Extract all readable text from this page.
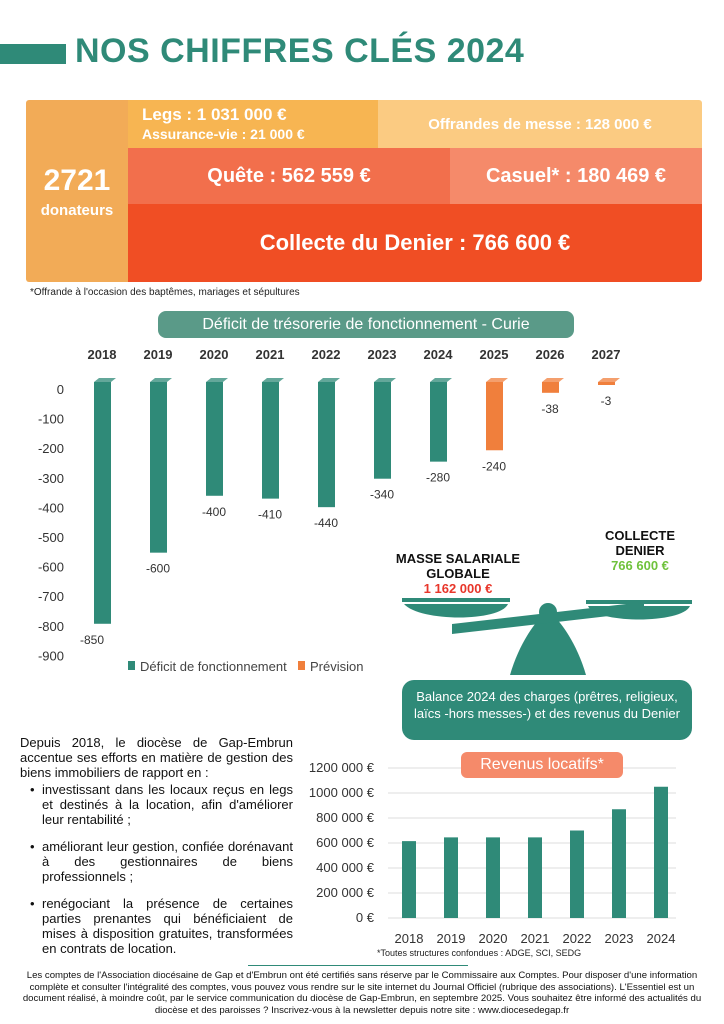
NOS CHIFFRES CLÉS 2024
2721
donateurs
Legs : 1 031 000 €
Assurance-vie : 21 000 €
Offrandes de messe : 128 000 €
Quête : 562 559 €	Casuel* : 180 469 €
Collecte du Denier : 766 600 €
*Offrande à l'occasion des baptêmes, mariages et sépultures
Déficit de trésorerie de fonctionnement - Curie
0
-100
-200
-300
-400
-500
-600
-700
-800
-900
2018
-850
2019
-600
2020
-400
2021
-410
2022
-440
2023
-340
2024
-280
2025
-240
2026
-38
2027
-3
Déficit de fonctionnement Prévision
MASSE SALARIALE GLOBALE
1 162 000 €
COLLECTE DENIER
766 600 €
Balance 2024 des charges (prêtres, religieux, laïcs -hors messes-) et des revenus du Denier

Depuis 2018, le diocèse de Gap-Embrun accentue ses efforts en matière de gestion des biens immobiliers de rapport en :

• investissant dans les locaux reçus en legs et destinés à la location, afin d'améliorer leur rentabilité ;
• améliorant leur gestion, confiée dorénavant à des gestionnaires de biens professionnels ;
• renégociant la présence de certaines parties prenantes qui bénéficiaient de mises à disposition gratuites, transformées en contrats de location.
0 €
200 000 €
400 000 €
600 000 €
800 000 €
1000 000 €
1200 000 €
2018 2019 2020 2021 2022 2023 2024
Revenus locatifs*
*Toutes structures confondues : ADGE, SCI, SEDG
Les comptes de l'Association diocésaine de Gap et d'Embrun ont été certifiés sans réserve par le Commissaire aux Comptes. Pour disposer d'une information complète et consulter l'intégralité des comptes, vous pouvez vous rendre sur le site internet du Journal Officiel (rubrique des associations). L'Essentiel est un document réalisé, à moindre coût, par le service communication du diocèse de Gap-Embrun, en septembre 2025. Vous souhaitez être informé des actualités du diocèse et des paroisses ? Inscrivez-vous à la newsletter depuis notre site : www.diocesedegap.fr
